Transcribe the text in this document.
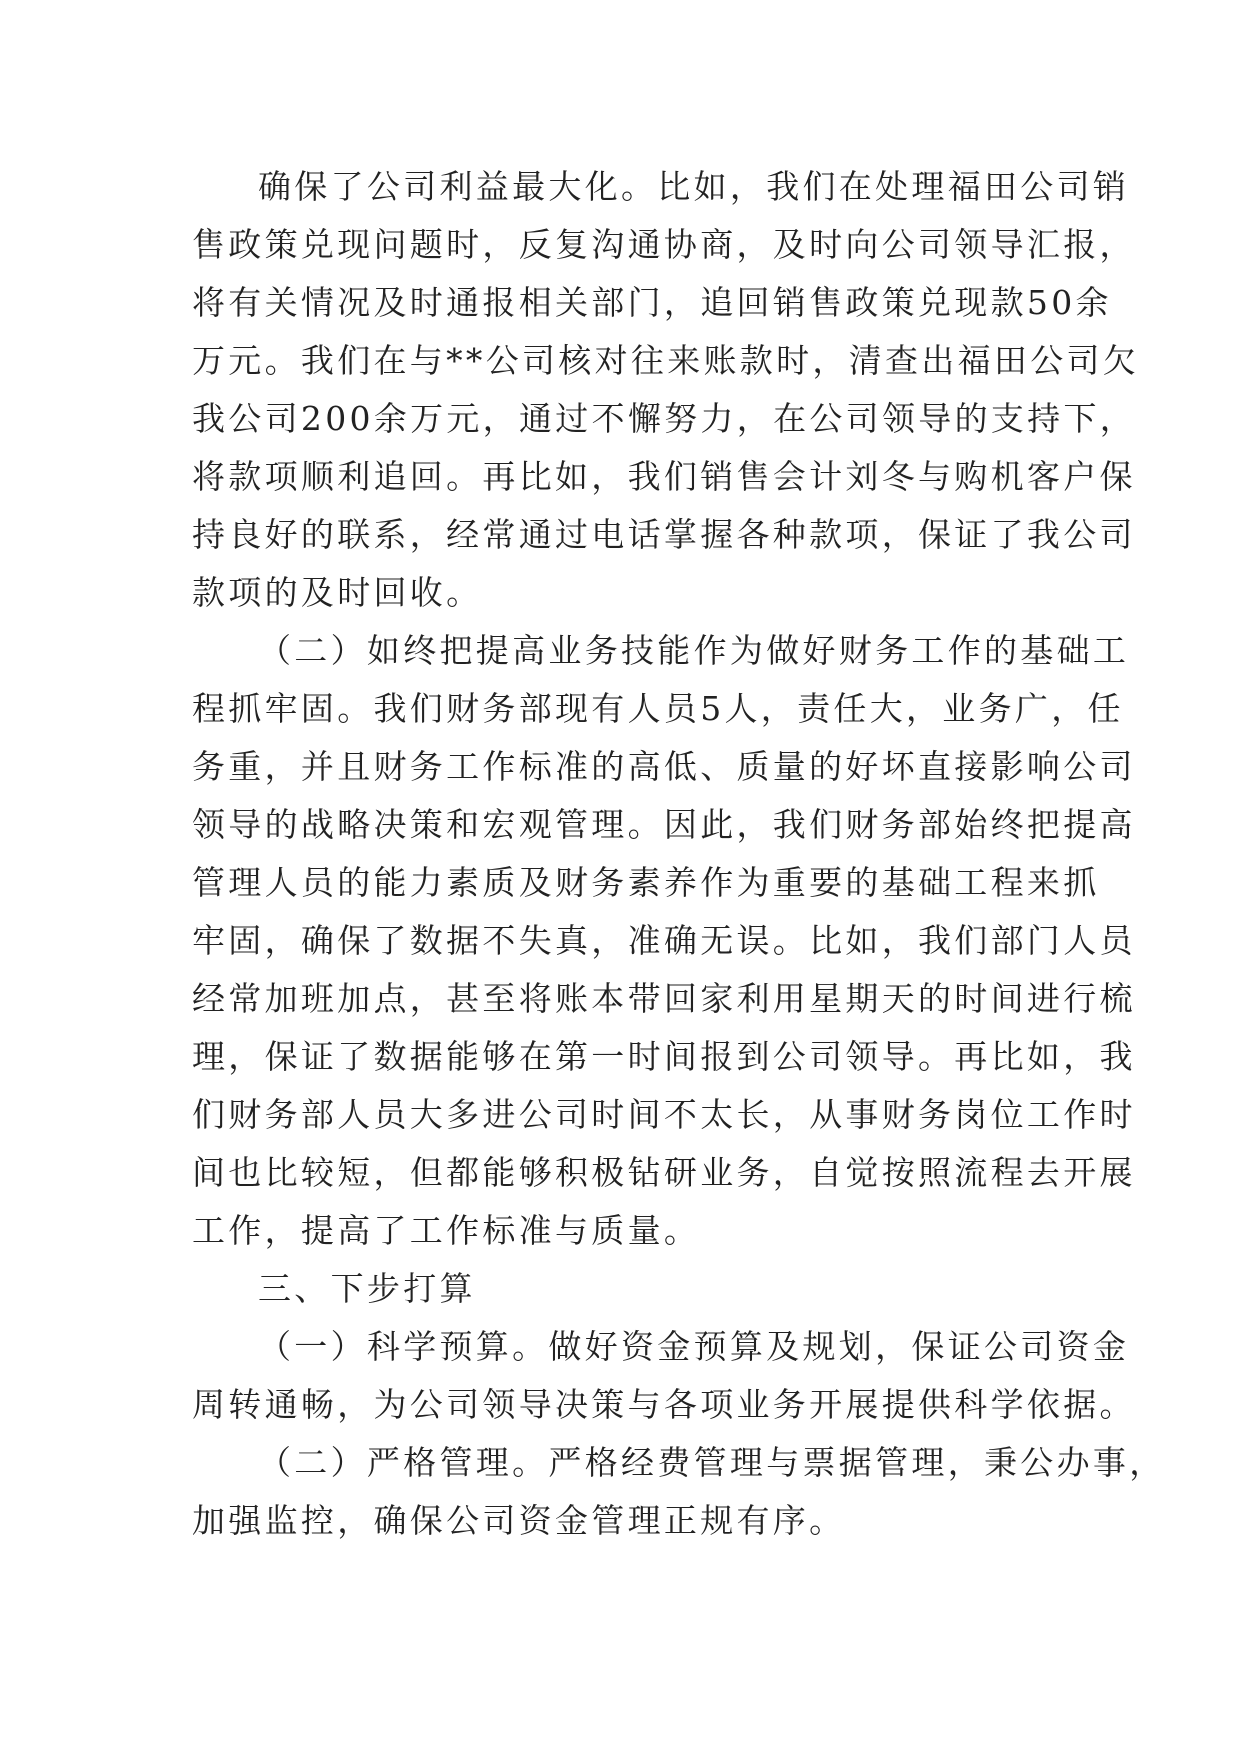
确保了公司利益最大化。比如，我们在处理福田公司销
售政策兑现问题时，反复沟通协商，及时向公司领导汇报，
将有关情况及时通报相关部门，追回销售政策兑现款50余
万元。我们在与**公司核对往来账款时，清查出福田公司欠
我公司200余万元，通过不懈努力，在公司领导的支持下，
将款项顺利追回。再比如，我们销售会计刘冬与购机客户保
持良好的联系，经常通过电话掌握各种款项，保证了我公司
款项的及时回收。
（二）如终把提高业务技能作为做好财务工作的基础工
程抓牢固。我们财务部现有人员5人，责任大，业务广，任
务重，并且财务工作标准的高低、质量的好坏直接影响公司
领导的战略决策和宏观管理。因此，我们财务部始终把提高
管理人员的能力素质及财务素养作为重要的基础工程来抓
牢固，确保了数据不失真，准确无误。比如，我们部门人员
经常加班加点，甚至将账本带回家利用星期天的时间进行梳
理，保证了数据能够在第一时间报到公司领导。再比如，我
们财务部人员大多进公司时间不太长，从事财务岗位工作时
间也比较短，但都能够积极钻研业务，自觉按照流程去开展
工作，提高了工作标准与质量。
三、下步打算
（一）科学预算。做好资金预算及规划，保证公司资金
周转通畅，为公司领导决策与各项业务开展提供科学依据。
（二）严格管理。严格经费管理与票据管理，秉公办事，
加强监控，确保公司资金管理正规有序。
